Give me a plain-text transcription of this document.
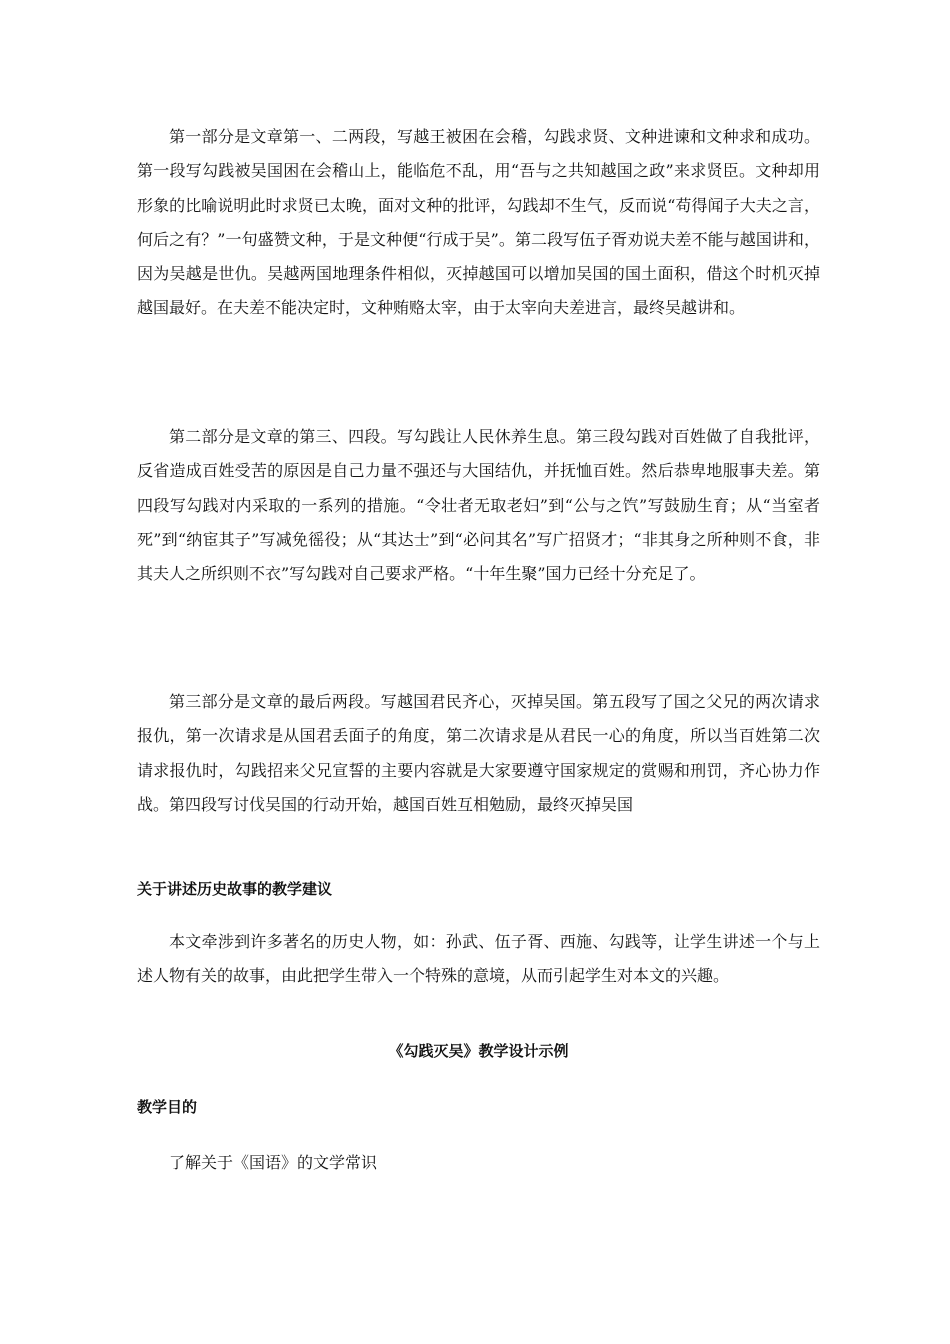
第一部分是文章第一、二两段，写越王被困在会稽，勾践求贤、文种进谏和文种求和成功。第一段写勾践被吴国困在会稽山上，能临危不乱，用“吾与之共知越国之政”来求贤臣。文种却用形象的比喻说明此时求贤已太晚，面对文种的批评，勾践却不生气，反而说“苟得闻子大夫之言，何后之有？”一句盛赞文种，于是文种便“行成于吴”。第二段写伍子胥劝说夫差不能与越国讲和，因为吴越是世仇。吴越两国地理条件相似，灭掉越国可以增加吴国的国土面积，借这个时机灭掉越国最好。在夫差不能决定时，文种贿赂太宰，由于太宰向夫差进言，最终吴越讲和。

第二部分是文章的第三、四段。写勾践让人民休养生息。第三段勾践对百姓做了自我批评，反省造成百姓受苦的原因是自己力量不强还与大国结仇，并抚恤百姓。然后恭卑地服事夫差。第四段写勾践对内采取的一系列的措施。“令壮者无取老妇”到“公与之饩”写鼓励生育；从“当室者死”到“纳宦其子”写减免徭役；从“其达士”到“必问其名”写广招贤才；“非其身之所种则不食，非其夫人之所织则不衣”写勾践对自己要求严格。“十年生聚”国力已经十分充足了。

第三部分是文章的最后两段。写越国君民齐心，灭掉吴国。第五段写了国之父兄的两次请求报仇，第一次请求是从国君丢面子的角度，第二次请求是从君民一心的角度，所以当百姓第二次请求报仇时，勾践招来父兄宣誓的主要内容就是大家要遵守国家规定的赏赐和刑罚，齐心协力作战。第四段写讨伐吴国的行动开始，越国百姓互相勉励，最终灭掉吴国

关于讲述历史故事的教学建议

本文牵涉到许多著名的历史人物，如：孙武、伍子胥、西施、勾践等，让学生讲述一个与上述人物有关的故事，由此把学生带入一个特殊的意境，从而引起学生对本文的兴趣。

《勾践灭吴》教学设计示例

教学目的

了解关于《国语》的文学常识
